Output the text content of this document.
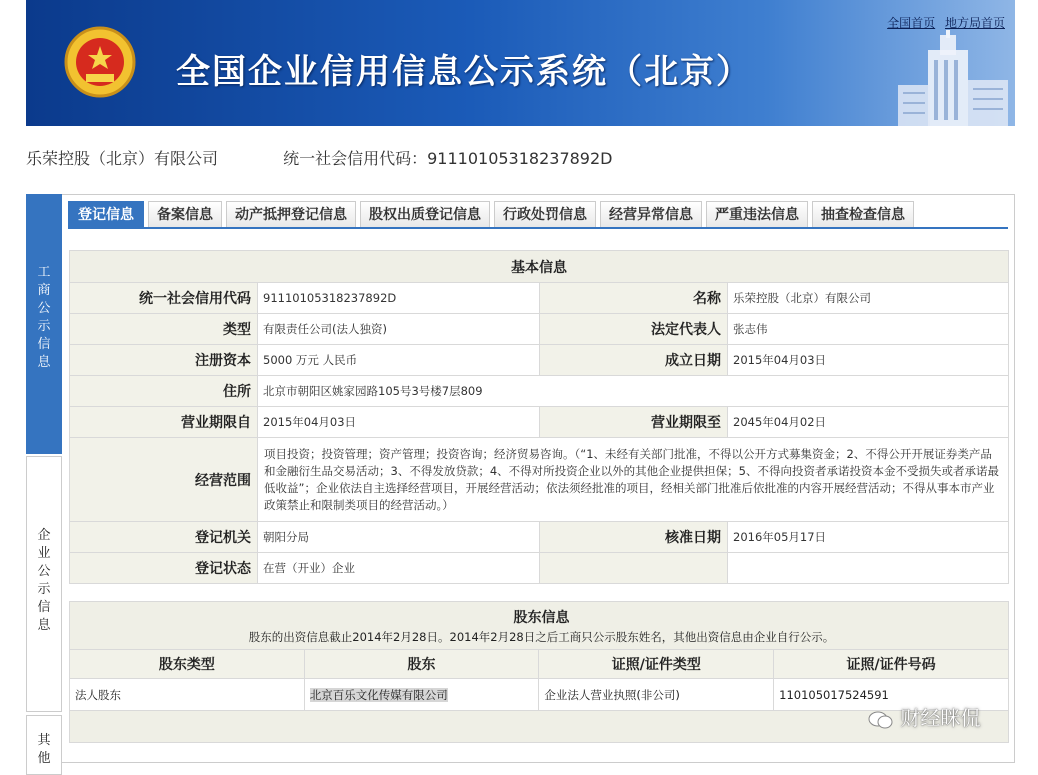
全国企业信用信息公示系统（北京）
全国首页 地方局首页
乐荣控股（北京）有限公司	统一社会信用代码：91110105318237892D
工
商
公
示
信
息
企
业
公
示
信
息
其
他
登记信息	备案信息	动产抵押登记信息	股权出质登记信息	行政处罚信息	经营异常信息	严重违法信息	抽查检查信息
基本信息			
统一社会信用代码	91110105318237892D	名称	乐荣控股（北京）有限公司
类型	有限责任公司(法人独资)	法定代表人	张志伟
注册资本	5000 万元 人民币	成立日期	2015年04月03日
住所	北京市朝阳区姚家园路105号3号楼7层809		
营业期限自	2015年04月03日	营业期限至	2045年04月02日
经营范围	项目投资；投资管理；资产管理；投资咨询；经济贸易咨询。（“1、未经有关部门批准，不得以公开方式募集资金；2、不得公开开展证券类产品和金融衍生品交易活动；3、不得发放贷款；4、不得对所投资企业以外的其他企业提供担保；5、不得向投资者承诺投资本金不受损失或者承诺最低收益”；企业依法自主选择经营项目，开展经营活动；依法须经批准的项目，经相关部门批准后依批准的内容开展经营活动；不得从事本市产业政策禁止和限制类项目的经营活动。）		
登记机关	朝阳分局	核准日期	2016年05月17日
登记状态	在营（开业）企业		
股东信息
股东的出资信息截止2014年2月28日。2014年2月28日之后工商只公示股东姓名，其他出资信息由企业自行公示。			

股东类型	股东	证照/证件类型	证照/证件号码
法人股东	北京百乐文化传媒有限公司	企业法人营业执照(非公司)	110105017524591

财经眯侃
